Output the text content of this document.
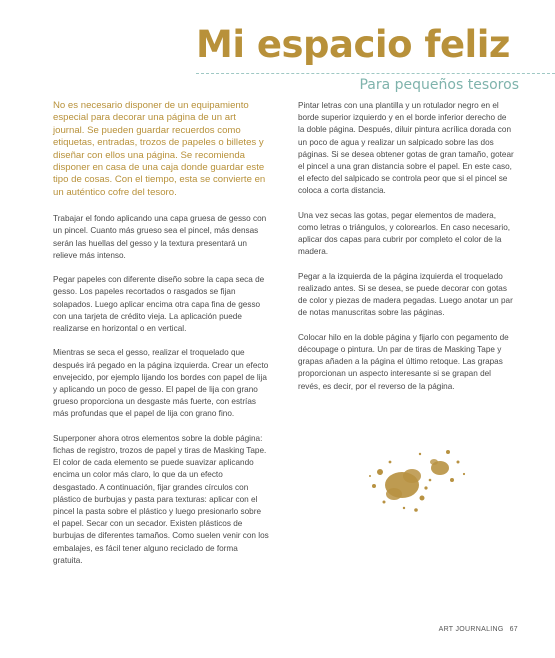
Mi espacio feliz
Para pequeños tesoros

No es necesario disponer de un equipamiento especial para decorar una página de un art journal. Se pueden guardar recuerdos como etiquetas, entradas, trozos de papeles o billetes y diseñar con ellos una página. Se recomienda disponer en casa de una caja donde guardar este tipo de cosas. Con el tiempo, esta se convierte en un auténtico cofre del tesoro.

Trabajar el fondo aplicando una capa gruesa de gesso con un pincel. Cuanto más grueso sea el pincel, más densas serán las huellas del gesso y la textura presentará un relieve más intenso.

Pegar papeles con diferente diseño sobre la capa seca de gesso. Los papeles recortados o rasgados se fijan solapados. Luego aplicar encima otra capa fina de gesso con una tarjeta de crédito vieja. La aplicación puede realizarse en horizontal o en vertical.

Mientras se seca el gesso, realizar el troquelado que después irá pegado en la página izquierda. Crear un efecto envejecido, por ejemplo lijando los bordes con papel de lija y aplicando un poco de gesso. El papel de lija con grano grueso proporciona un desgaste más fuerte, con estrías más profundas que el papel de lija con grano fino.

Superponer ahora otros elementos sobre la doble página: fichas de registro, trozos de papel y tiras de Masking Tape. El color de cada elemento se puede suavizar aplicando encima un color más claro, lo que da un efecto desgastado. A continuación, fijar grandes círculos con plástico de burbujas y pasta para texturas: aplicar con el pincel la pasta sobre el plástico y luego presionarlo sobre el papel. Secar con un secador. Existen plásticos de burbujas de diferentes tamaños. Como suelen venir con los embalajes, es fácil tener alguno reciclado de forma gratuita.

Pintar letras con una plantilla y un rotulador negro en el borde superior izquierdo y en el borde inferior derecho de la doble página. Después, diluir pintura acrílica dorada con un poco de agua y realizar un salpicado sobre las dos páginas. Si se desea obtener gotas de gran tamaño, gotear el pincel a una gran distancia sobre el papel. En este caso, el efecto del salpicado se controla peor que si el pincel se coloca a corta distancia.

Una vez secas las gotas, pegar elementos de madera, como letras o triángulos, y colorearlos. En caso necesario, aplicar dos capas para cubrir por completo el color de la madera.

Pegar a la izquierda de la página izquierda el troquelado realizado antes. Si se desea, se puede decorar con gotas de color y piezas de madera pegadas. Luego anotar un par de notas manuscritas sobre las páginas.

Colocar hilo en la doble página y fijarlo con pegamento de découpage o pintura. Un par de tiras de Masking Tape y grapas añaden a la página el último retoque. Las grapas proporcionan un aspecto interesante si se grapan del revés, es decir, por el reverso de la página.

ART JOURNALING 67
